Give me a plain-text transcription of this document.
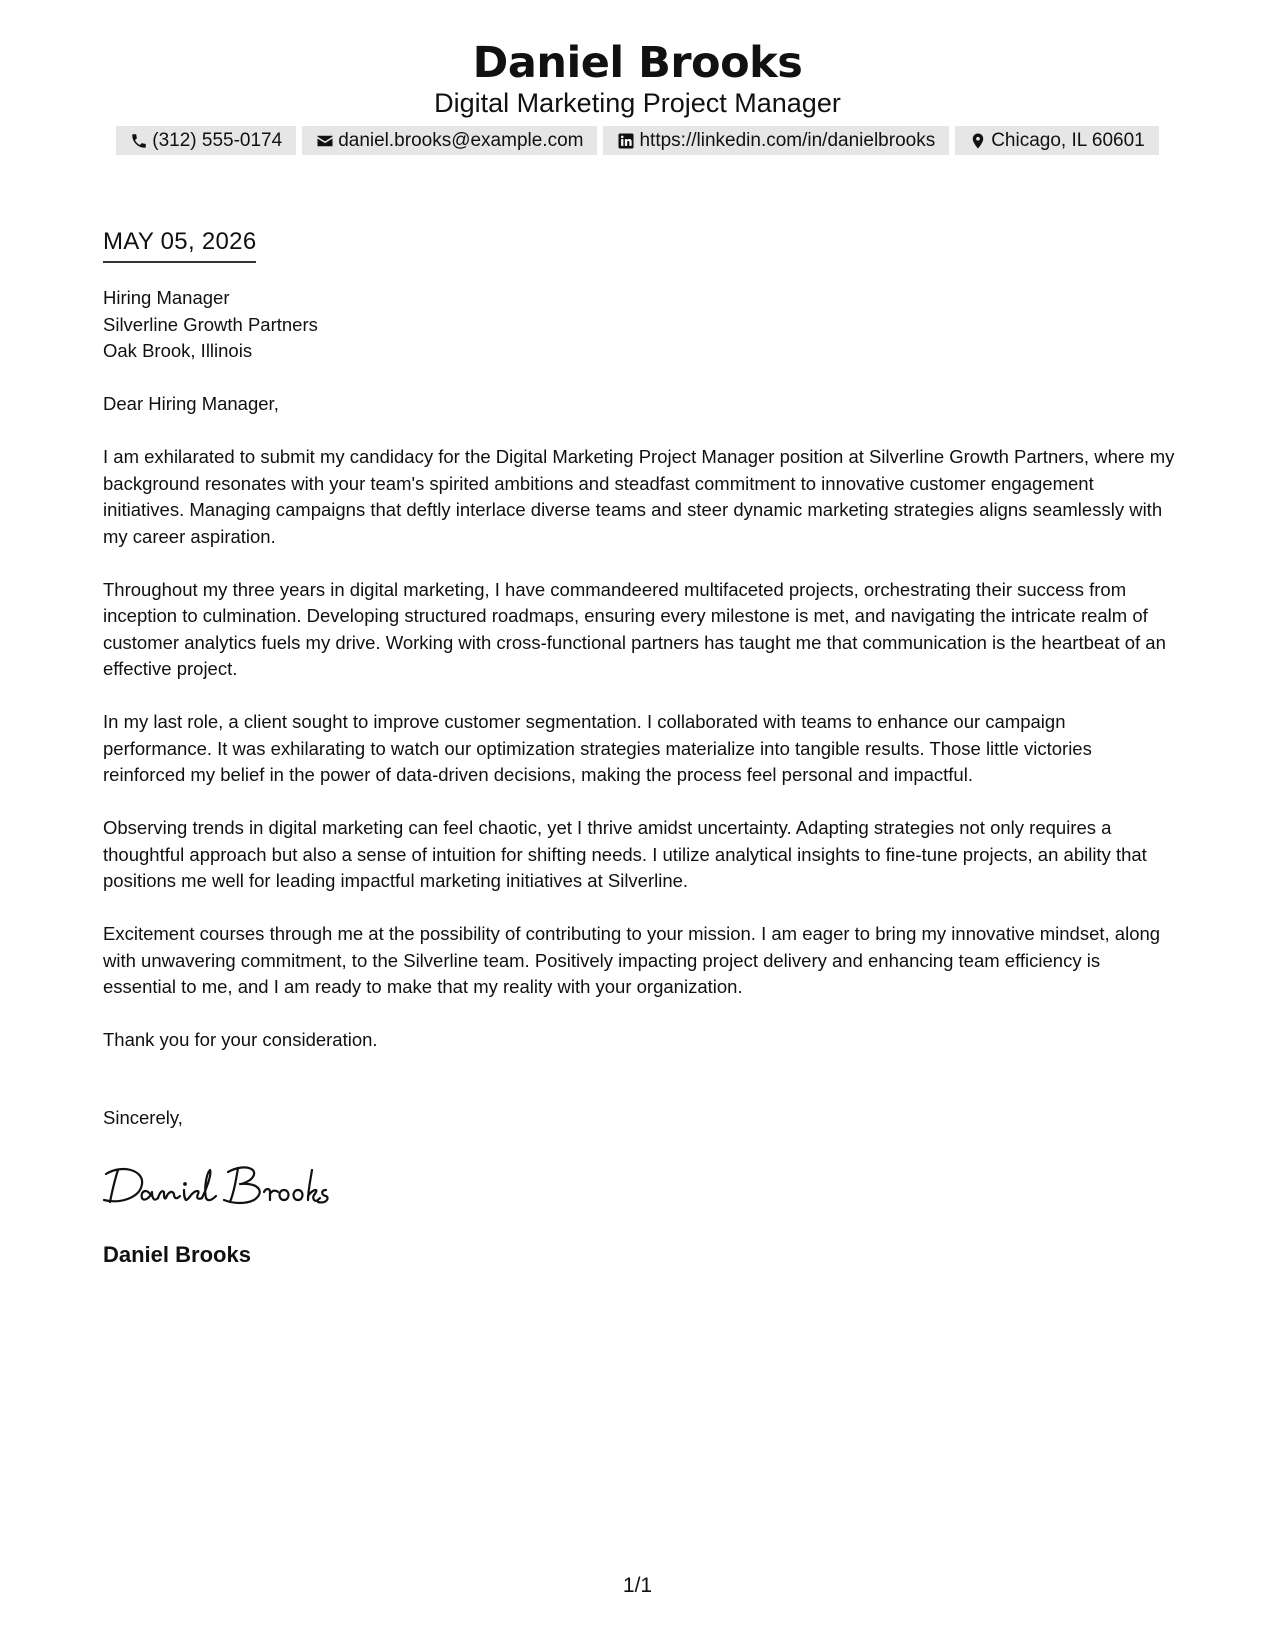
Daniel Brooks
Digital Marketing Project Manager
(312) 555-0174	daniel.brooks@example.com	https://linkedin.com/in/danielbrooks	Chicago, IL 60601
MAY 05, 2026
Hiring Manager
Silverline Growth Partners
Oak Brook, Illinois

Dear Hiring Manager,

I am exhilarated to submit my candidacy for the Digital Marketing Project Manager position at Silverline Growth Partners, where my background resonates with your team's spirited ambitions and steadfast commitment to innovative customer engagement initiatives. Managing campaigns that deftly interlace diverse teams and steer dynamic marketing strategies aligns seamlessly with my career aspiration.

Throughout my three years in digital marketing, I have commandeered multifaceted projects, orchestrating their success from inception to culmination. Developing structured roadmaps, ensuring every milestone is met, and navigating the intricate realm of customer analytics fuels my drive. Working with cross-functional partners has taught me that communication is the heartbeat of an effective project.

In my last role, a client sought to improve customer segmentation. I collaborated with teams to enhance our campaign performance. It was exhilarating to watch our optimization strategies materialize into tangible results. Those little victories reinforced my belief in the power of data-driven decisions, making the process feel personal and impactful.

Observing trends in digital marketing can feel chaotic, yet I thrive amidst uncertainty. Adapting strategies not only requires a thoughtful approach but also a sense of intuition for shifting needs. I utilize analytical insights to fine-tune projects, an ability that positions me well for leading impactful marketing initiatives at Silverline.

Excitement courses through me at the possibility of contributing to your mission. I am eager to bring my innovative mindset, along with unwavering commitment, to the Silverline team. Positively impacting project delivery and enhancing team efficiency is essential to me, and I am ready to make that my reality with your organization.

Thank you for your consideration.

Sincerely,
Daniel Brooks
1/1
